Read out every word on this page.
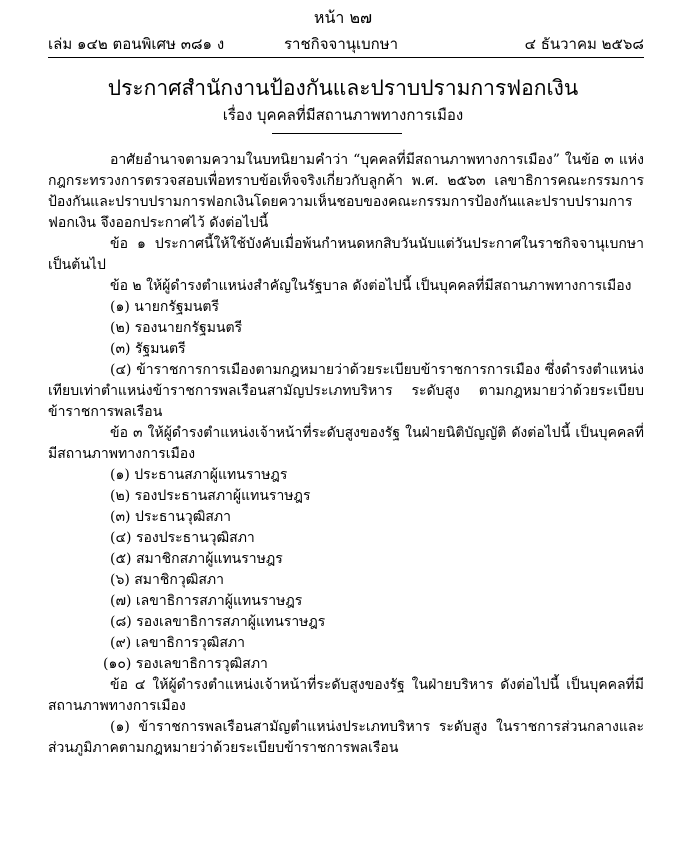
หน้า ๒๗
เล่ม ๑๔๒ ตอนพิเศษ ๓๘๑ ง	ราชกิจจานุเบกษา	๔ ธันวาคม ๒๕๖๘
ประกาศสำนักงานป้องกันและปราบปรามการฟอกเงิน
เรื่อง บุคคลที่มีสถานภาพทางการเมือง

อาศัยอำนาจตามความในบทนิยามคำว่า “บุคคลที่มีสถานภาพทางการเมือง” ในข้อ ๓ แห่งกฎกระทรวงการตรวจสอบเพื่อทราบข้อเท็จจริงเกี่ยวกับลูกค้า พ.ศ. ๒๕๖๓ เลขาธิการคณะกรรมการป้องกันและปราบปรามการฟอกเงินโดยความเห็นชอบของคณะกรรมการป้องกันและปราบปรามการฟอกเงิน จึงออกประกาศไว้ ดังต่อไปนี้

ข้อ ๑ ประกาศนี้ให้ใช้บังคับเมื่อพ้นกำหนดหกสิบวันนับแต่วันประกาศในราชกิจจานุเบกษาเป็นต้นไป

ข้อ ๒ ให้ผู้ดำรงตำแหน่งสำคัญในรัฐบาล ดังต่อไปนี้ เป็นบุคคลที่มีสถานภาพทางการเมือง

(๑) นายกรัฐมนตรี

(๒) รองนายกรัฐมนตรี

(๓) รัฐมนตรี

(๔) ข้าราชการการเมืองตามกฎหมายว่าด้วยระเบียบข้าราชการการเมือง ซึ่งดำรงตำแหน่งเทียบเท่าตำแหน่งข้าราชการพลเรือนสามัญประเภทบริหาร ระดับสูง ตามกฎหมายว่าด้วยระเบียบข้าราชการพลเรือน

ข้อ ๓ ให้ผู้ดำรงตำแหน่งเจ้าหน้าที่ระดับสูงของรัฐ ในฝ่ายนิติบัญญัติ ดังต่อไปนี้ เป็นบุคคลที่มีสถานภาพทางการเมือง

(๑) ประธานสภาผู้แทนราษฎร

(๒) รองประธานสภาผู้แทนราษฎร

(๓) ประธานวุฒิสภา

(๔) รองประธานวุฒิสภา

(๕) สมาชิกสภาผู้แทนราษฎร

(๖) สมาชิกวุฒิสภา

(๗) เลขาธิการสภาผู้แทนราษฎร

(๘) รองเลขาธิการสภาผู้แทนราษฎร

(๙) เลขาธิการวุฒิสภา

(๑๐) รองเลขาธิการวุฒิสภา

ข้อ ๔ ให้ผู้ดำรงตำแหน่งเจ้าหน้าที่ระดับสูงของรัฐ ในฝ่ายบริหาร ดังต่อไปนี้ เป็นบุคคลที่มีสถานภาพทางการเมือง

(๑) ข้าราชการพลเรือนสามัญตำแหน่งประเภทบริหาร ระดับสูง ในราชการส่วนกลางและส่วนภูมิภาคตามกฎหมายว่าด้วยระเบียบข้าราชการพลเรือน
